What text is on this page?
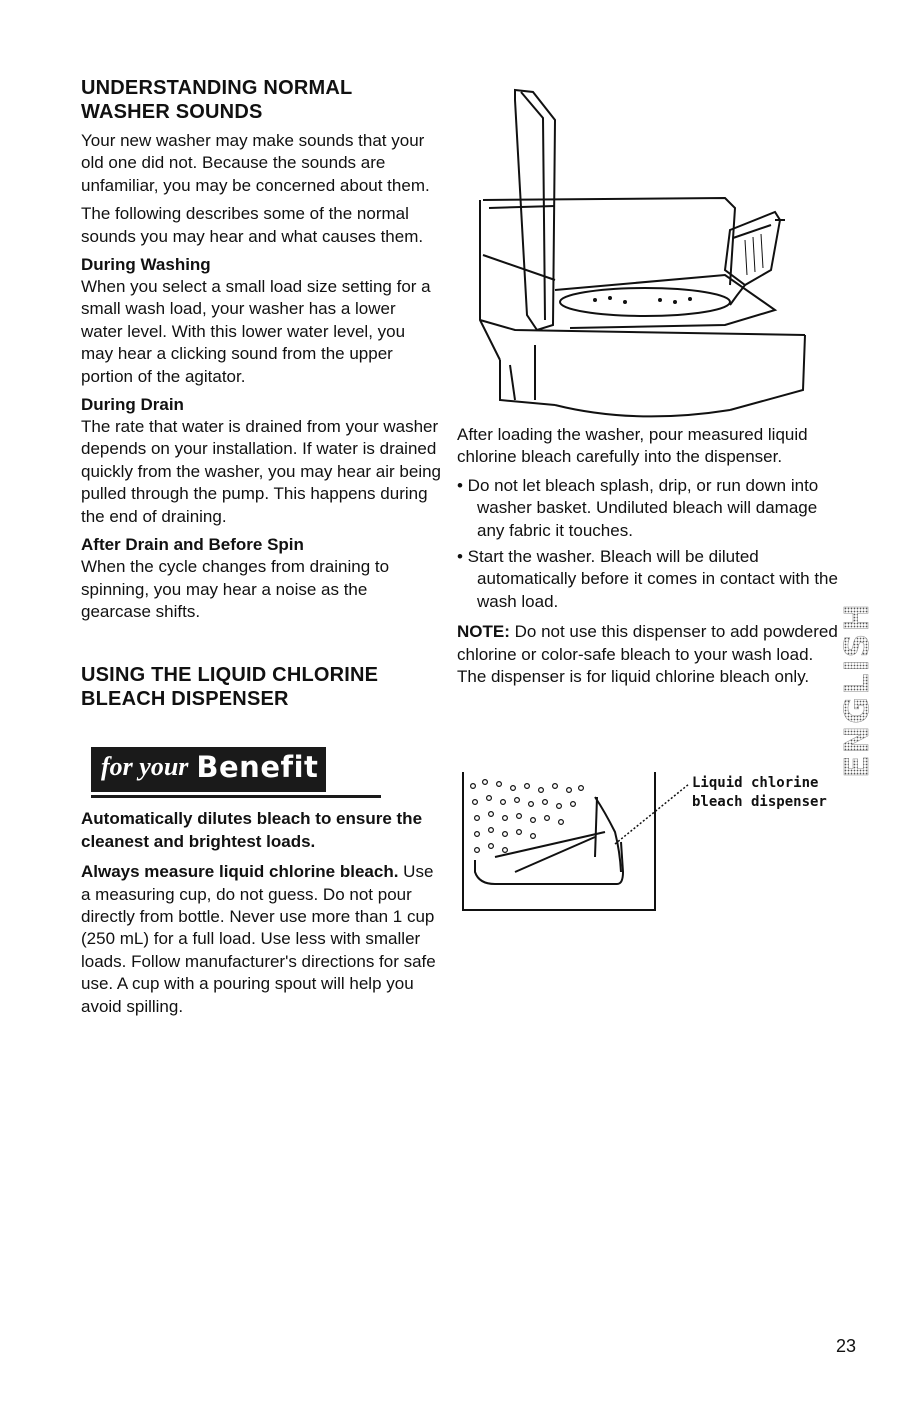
UNDERSTANDING NORMAL WASHER SOUNDS

Your new washer may make sounds that your old one did not. Because the sounds are unfamiliar, you may be concerned about them.

The following describes some of the normal sounds you may hear and what causes them.

During Washing

When you select a small load size setting for a small wash load, your washer has a lower water level. With this lower water level, you may hear a clicking sound from the upper portion of the agitator.

During Drain

The rate that water is drained from your washer depends on your installation. If water is drained quickly from the washer, you may hear air being pulled through the pump. This happens during the end of draining.

After Drain and Before Spin

When the cycle changes from draining to spinning, you may hear a noise as the gearcase shifts.

USING THE LIQUID CHLORINE BLEACH DISPENSER
for your Benefit

Automatically dilutes bleach to ensure the cleanest and brightest loads.

Always measure liquid chlorine bleach. Use a measuring cup, do not guess. Do not pour directly from bottle. Never use more than 1 cup (250 mL) for a full load. Use less with smaller loads. Follow manufacturer's directions for safe use. A cup with a pouring spout will help you avoid spilling.

After loading the washer, pour measured liquid chlorine bleach carefully into the dispenser.

• Do not let bleach splash, drip, or run down into washer basket. Undiluted bleach will damage any fabric it touches.

• Start the washer. Bleach will be diluted automatically before it comes in contact with the wash load.

NOTE: Do not use this dispenser to add powdered chlorine or color-safe bleach to your wash load. The dispenser is for liquid chlorine bleach only.

Liquid chlorine
bleach dispenser
ENGLISH
23
